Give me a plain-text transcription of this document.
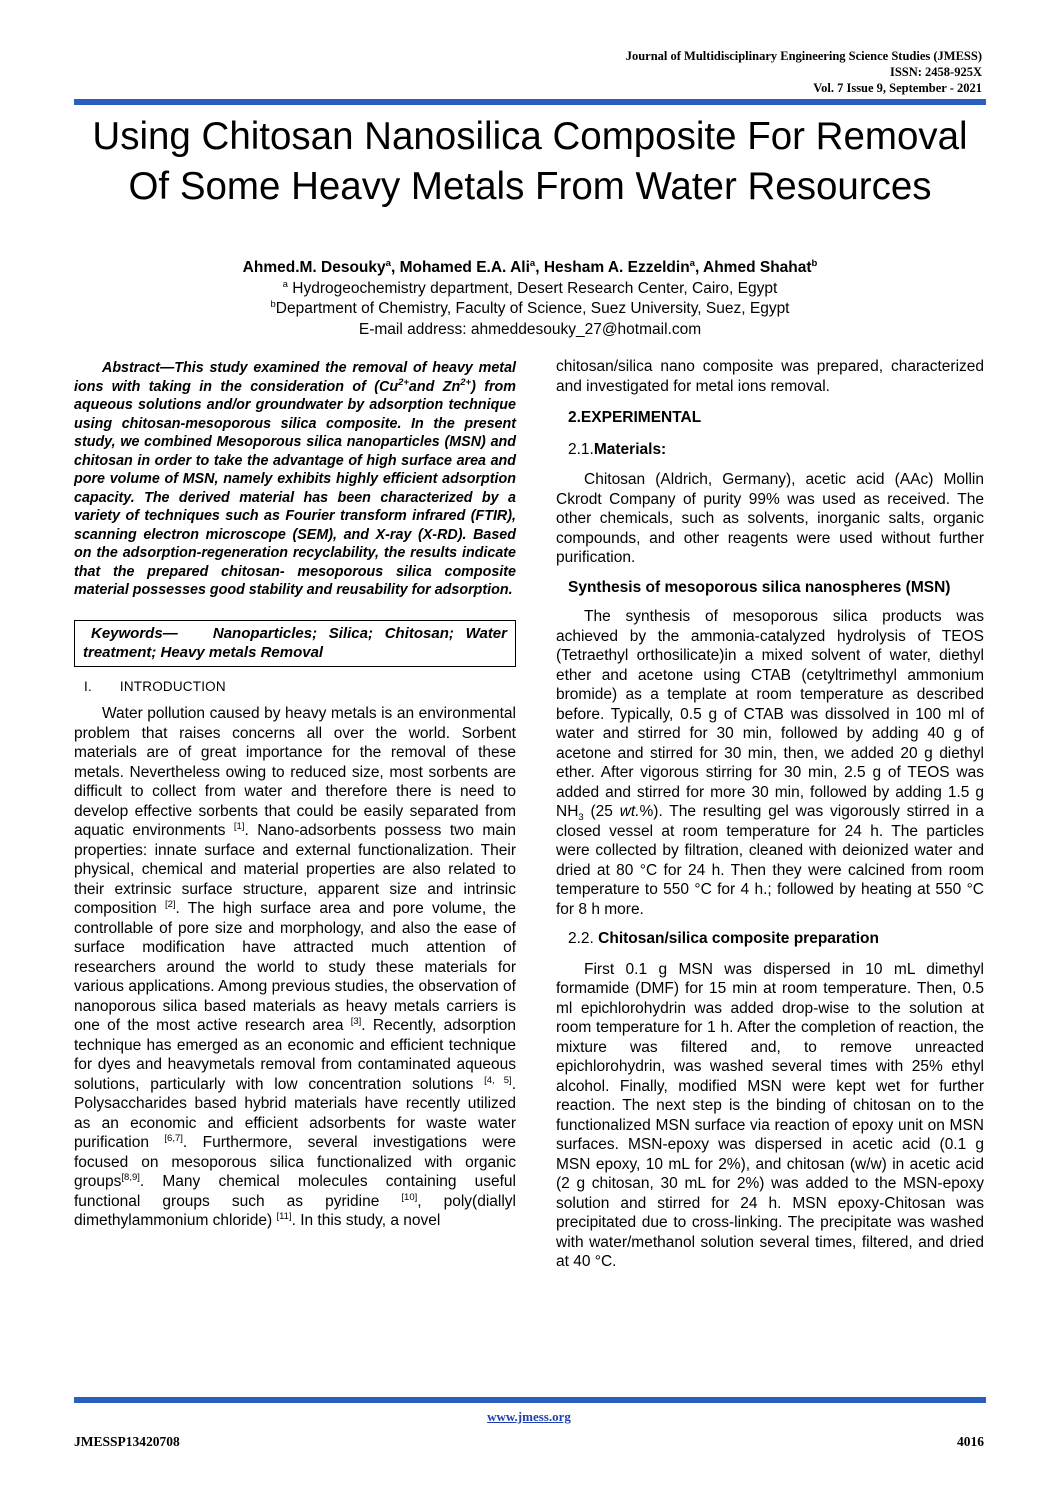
Journal of Multidisciplinary Engineering Science Studies (JMESS)
ISSN: 2458-925X
Vol. 7 Issue 9, September - 2021
Using Chitosan Nanosilica Composite For Removal Of Some Heavy Metals From Water Resources
Ahmed.M. Desouky$^a$, Mohamed E.A. Ali$^a$, Hesham A. Ezzeldin$^a$, Ahmed Shahat$^b$
$^a$ Hydrogeochemistry department, Desert Research Center, Cairo, Egypt
$^b$Department of Chemistry, Faculty of Science, Suez University, Suez, Egypt
E-mail address: ahmeddesouky_27@hotmail.com

Abstract—This study examined the removal of heavy metal ions with taking in the consideration of ($Cu^{2+}and$ $Zn^{2+}$) from aqueous solutions and/or groundwater by adsorption technique using chitosan-mesoporous silica composite. In the present study, we combined Mesoporous silica nanoparticles (MSN) and chitosan in order to take the advantage of high surface area and pore volume of MSN, namely exhibits highly efficient adsorption capacity. The derived material has been characterized by a variety of techniques such as Fourier transform infrared (FTIR), scanning electron microscope (SEM), and X-ray (X-RD). Based on the adsorption-regeneration recyclability, the results indicate that the prepared chitosan- mesoporous silica composite material possesses good stability and reusability for adsorption.

Keywords— Nanoparticles; Silica; Chitosan; Water treatment; Heavy metals Removal
I. INTRODUCTION

Water pollution caused by heavy metals is an environmental problem that raises concerns all over the world. Sorbent materials are of great importance for the removal of these metals. Nevertheless owing to reduced size, most sorbents are difficult to collect from water and therefore there is need to develop effective sorbents that could be easily separated from aquatic environments [1]. Nano-adsorbents possess two main properties: innate surface and external functionalization. Their physical, chemical and material properties are also related to their extrinsic surface structure, apparent size and intrinsic composition [2]. The high surface area and pore volume, the controllable of pore size and morphology, and also the ease of surface modification have attracted much attention of researchers around the world to study these materials for various applications. Among previous studies, the observation of nanoporous silica based materials as heavy metals carriers is one of the most active research area [3]. Recently, adsorption technique has emerged as an economic and efficient technique for dyes and heavymetals removal from contaminated aqueous solutions, particularly with low concentration solutions [4, 5]. Polysaccharides based hybrid materials have recently utilized as an economic and efficient adsorbents for waste water purification [6,7]. Furthermore, several investigations were focused on mesoporous silica functionalized with organic groups[8,9]. Many chemical molecules containing useful functional groups such as pyridine [10], poly(diallyl dimethylammonium chloride) [11]. In this study, a novel

chitosan/silica nano composite was prepared, characterized and investigated for metal ions removal.

2.EXPERIMENTAL
2.1.Materials:

Chitosan (Aldrich, Germany), acetic acid (AAc) Mollin Ckrodt Company of purity 99% was used as received. The other chemicals, such as solvents, inorganic salts, organic compounds, and other reagents were used without further purification.

Synthesis of mesoporous silica nanospheres (MSN)

The synthesis of mesoporous silica products was achieved by the ammonia-catalyzed hydrolysis of TEOS (Tetraethyl orthosilicate)in a mixed solvent of water, diethyl ether and acetone using CTAB (cetyltrimethyl ammonium bromide) as a template at room temperature as described before. Typically, 0.5 g of CTAB was dissolved in 100 ml of water and stirred for 30 min, followed by adding 40 g of acetone and stirred for 30 min, then, we added 20 g diethyl ether. After vigorous stirring for 30 min, 2.5 g of TEOS was added and stirred for more 30 min, followed by adding 1.5 g $NH_3$ (25 wt.%). The resulting gel was vigorously stirred in a closed vessel at room temperature for 24 h. The particles were collected by filtration, cleaned with deionized water and dried at 80 °C for 24 h. Then they were calcined from room temperature to 550 °C for 4 h.; followed by heating at 550 °C for 8 h more.

2.2. Chitosan/silica composite preparation

First 0.1 g MSN was dispersed in 10 mL dimethyl formamide (DMF) for 15 min at room temperature. Then, 0.5 ml epichlorohydrin was added drop-wise to the solution at room temperature for 1 h. After the completion of reaction, the mixture was filtered and, to remove unreacted epichlorohydrin, was washed several times with 25% ethyl alcohol. Finally, modified MSN were kept wet for further reaction. The next step is the binding of chitosan on to the functionalized MSN surface via reaction of epoxy unit on MSN surfaces. MSN-epoxy was dispersed in acetic acid (0.1 g MSN epoxy, 10 mL for 2%), and chitosan (w/w) in acetic acid (2 g chitosan, 30 mL for 2%) was added to the MSN-epoxy solution and stirred for 24 h. MSN epoxy-Chitosan was precipitated due to cross-linking. The precipitate was washed with water/methanol solution several times, filtered, and dried at 40 °C.

www.jmess.org
JMESSP13420708	4016
